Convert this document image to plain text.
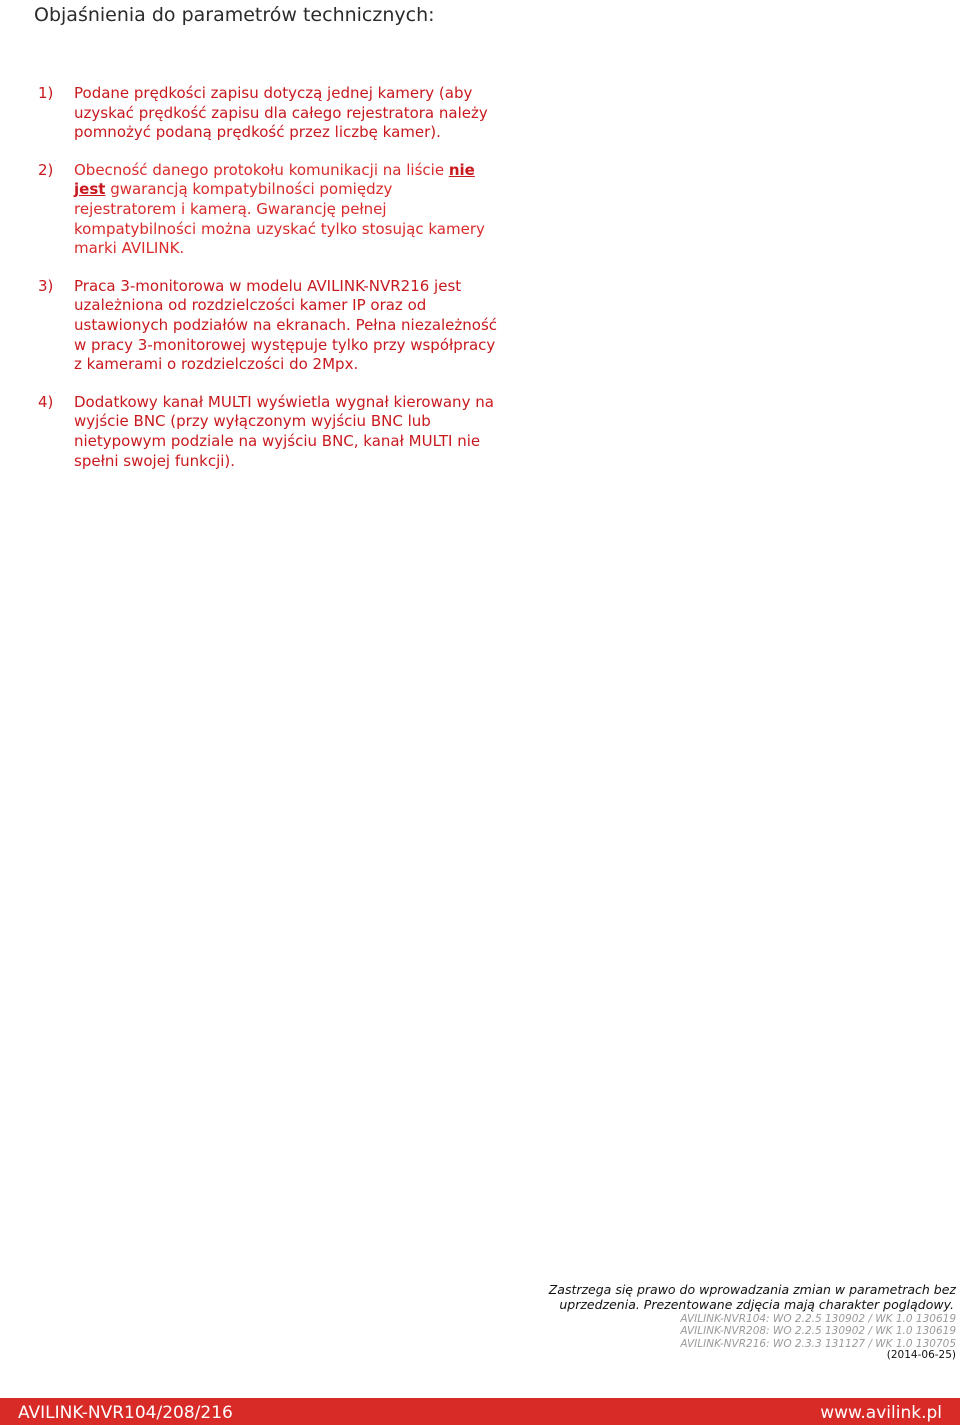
Objaśnienia do parametrów technicznych:
1)	Podane prędkości zapisu dotyczą jednej kamery (aby uzyskać prędkość zapisu dla całego rejestratora należy pomnożyć podaną prędkość przez liczbę kamer).

2)	Obecność danego protokołu komunikacji na liście nie jest gwarancją kompatybilności pomiędzy rejestratorem i kamerą. Gwarancję pełnej kompatybilności można uzyskać tylko stosując kamery marki AVILINK.

3)	Praca 3-monitorowa w modelu AVILINK-NVR216 jest uzależniona od rozdzielczości kamer IP oraz od ustawionych podziałów na ekranach. Pełna niezależność w pracy 3-monitorowej występuje tylko przy współpracy z kamerami o rozdzielczości do 2Mpx.

4)	Dodatkowy kanał MULTI wyświetla wygnał kierowany na wyjście BNC (przy wyłączonym wyjściu BNC lub nietypowym podziale na wyjściu BNC, kanał MULTI nie spełni swojej funkcji).

Zastrzega się prawo do wprowadzania zmian w parametrach bez

uprzedzenia. Prezentowane zdjęcia mają charakter poglądowy.

AVILINK-NVR104: WO 2.2.5 130902 / WK 1.0 130619
AVILINK-NVR208: WO 2.2.5 130902 / WK 1.0 130619
AVILINK-NVR216: WO 2.3.3 131127 / WK 1.0 130705
(2014-06-25)
AVILINK-NVR104/208/216	www.avilink.pl
